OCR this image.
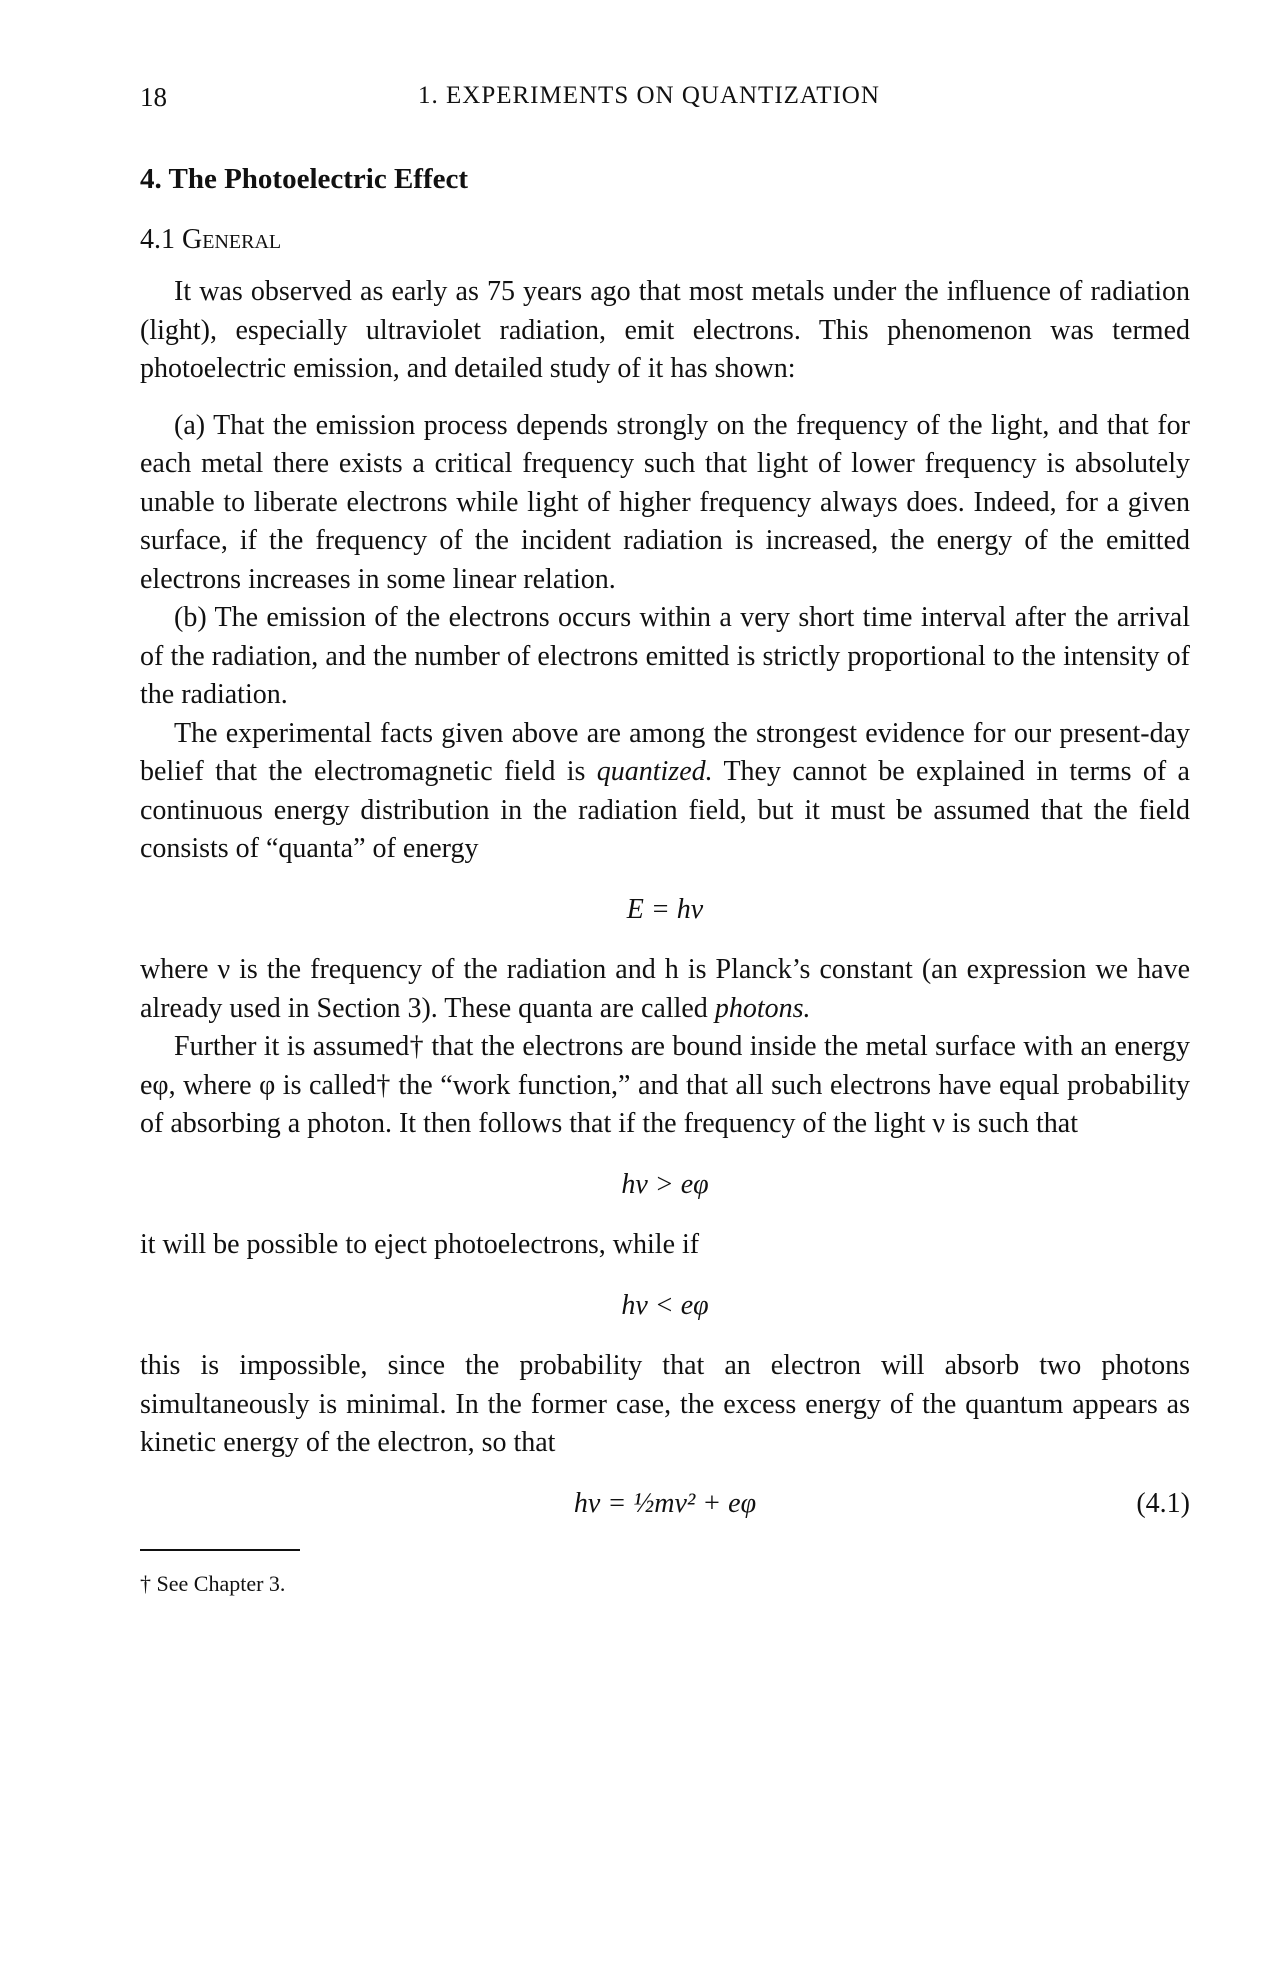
18	1. EXPERIMENTS ON QUANTIZATION
4. The Photoelectric Effect
4.1 General

It was observed as early as 75 years ago that most metals under the influence of radiation (light), especially ultraviolet radiation, emit electrons. This phenomenon was termed photoelectric emission, and detailed study of it has shown:

(a) That the emission process depends strongly on the frequency of the light, and that for each metal there exists a critical frequency such that light of lower frequency is absolutely unable to liberate electrons while light of higher frequency always does. Indeed, for a given surface, if the frequency of the incident radiation is increased, the energy of the emitted electrons increases in some linear relation.

(b) The emission of the electrons occurs within a very short time interval after the arrival of the radiation, and the number of electrons emitted is strictly proportional to the intensity of the radiation.

The experimental facts given above are among the strongest evidence for our present-day belief that the electromagnetic field is quantized. They cannot be explained in terms of a continuous energy distribution in the radiation field, but it must be assumed that the field consists of “quanta” of energy

E = hν

where ν is the frequency of the radiation and h is Planck’s constant (an expression we have already used in Section 3). These quanta are called photons.

Further it is assumed† that the electrons are bound inside the metal surface with an energy eφ, where φ is called† the “work function,” and that all such electrons have equal probability of absorbing a photon. It then follows that if the frequency of the light ν is such that

hν > eφ

it will be possible to eject photoelectrons, while if

hν < eφ

this is impossible, since the probability that an electron will absorb two photons simultaneously is minimal. In the former case, the excess energy of the quantum appears as kinetic energy of the electron, so that

hν = ½mv² + eφ	(4.1)
† See Chapter 3.
